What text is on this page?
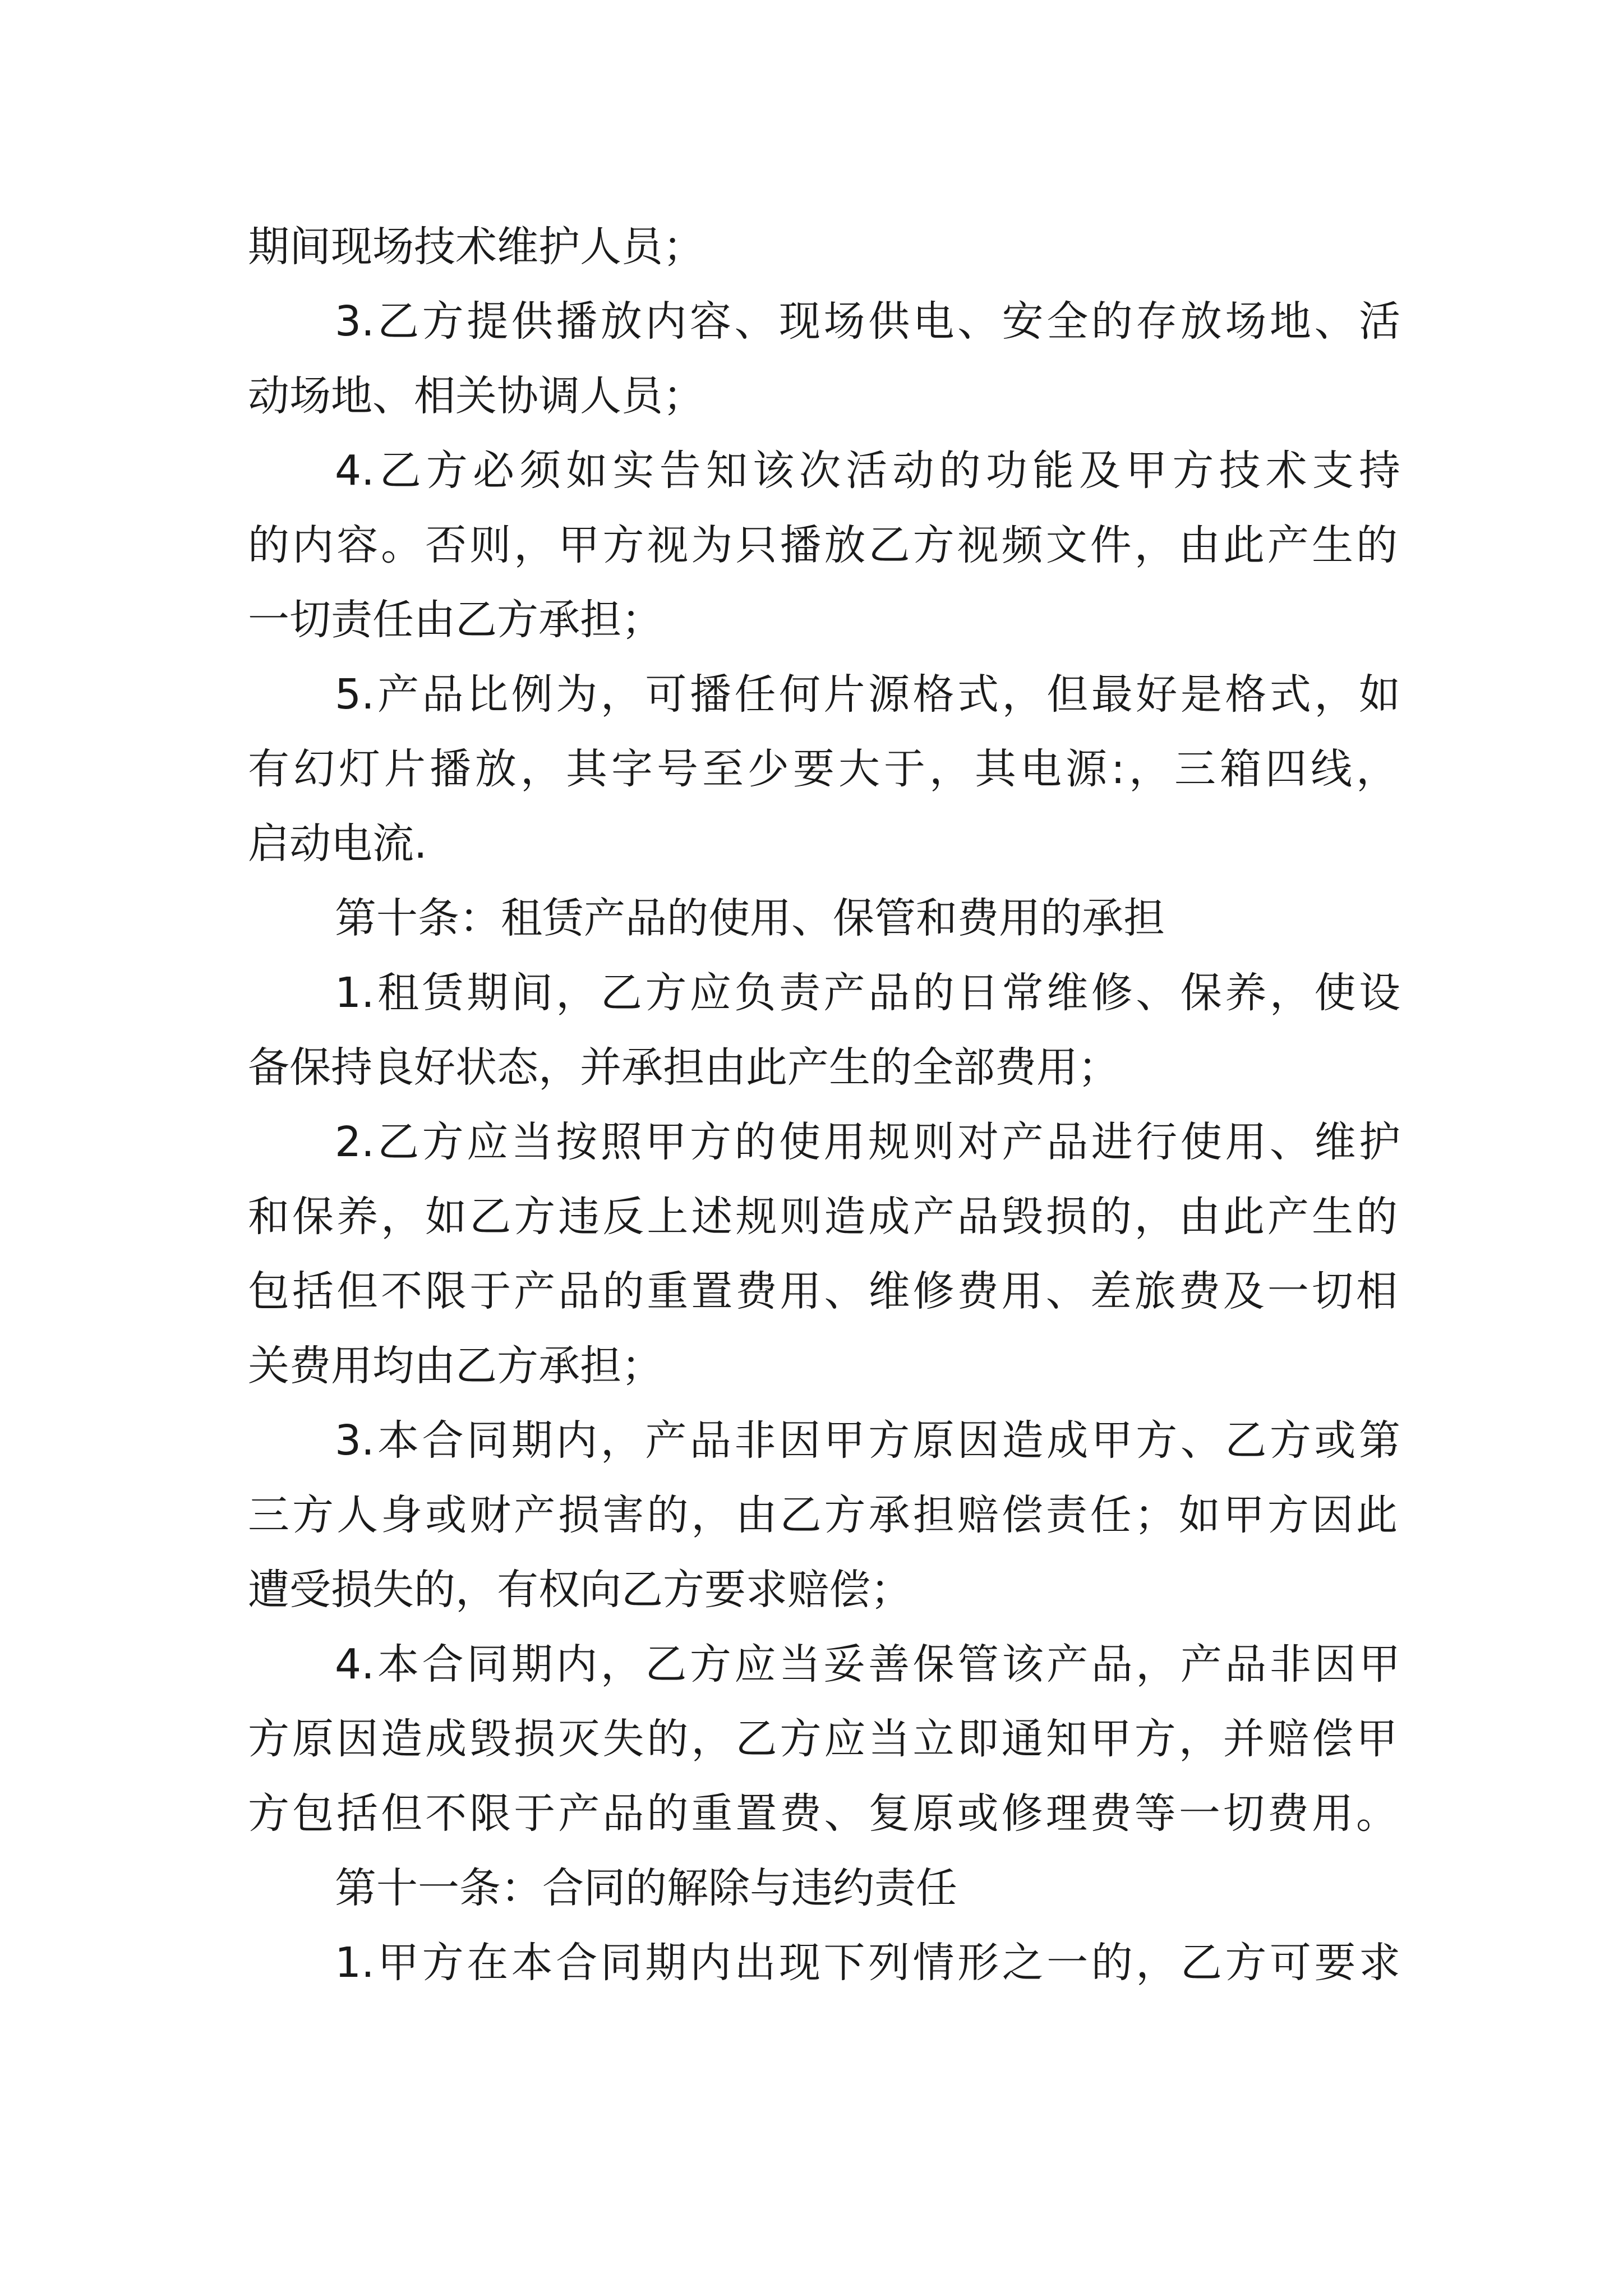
期间现场技术维护人员；
3.乙方提供播放内容、现场供电、安全的存放场地、活
动场地、相关协调人员；
4.乙方必须如实告知该次活动的功能及甲方技术支持
的内容。否则，甲方视为只播放乙方视频文件，由此产生的
一切责任由乙方承担；
5.产品比例为，可播任何片源格式，但最好是格式，如
有幻灯片播放，其字号至少要大于，其电源:，三箱四线，
启动电流.
第十条：租赁产品的使用、保管和费用的承担
1.租赁期间，乙方应负责产品的日常维修、保养，使设
备保持良好状态，并承担由此产生的全部费用；
2.乙方应当按照甲方的使用规则对产品进行使用、维护
和保养，如乙方违反上述规则造成产品毁损的，由此产生的
包括但不限于产品的重置费用、维修费用、差旅费及一切相
关费用均由乙方承担；
3.本合同期内，产品非因甲方原因造成甲方、乙方或第
三方人身或财产损害的，由乙方承担赔偿责任；如甲方因此
遭受损失的，有权向乙方要求赔偿；
4.本合同期内，乙方应当妥善保管该产品，产品非因甲
方原因造成毁损灭失的，乙方应当立即通知甲方，并赔偿甲
方包括但不限于产品的重置费、复原或修理费等一切费用。
第十一条：合同的解除与违约责任
1.甲方在本合同期内出现下列情形之一的，乙方可要求
